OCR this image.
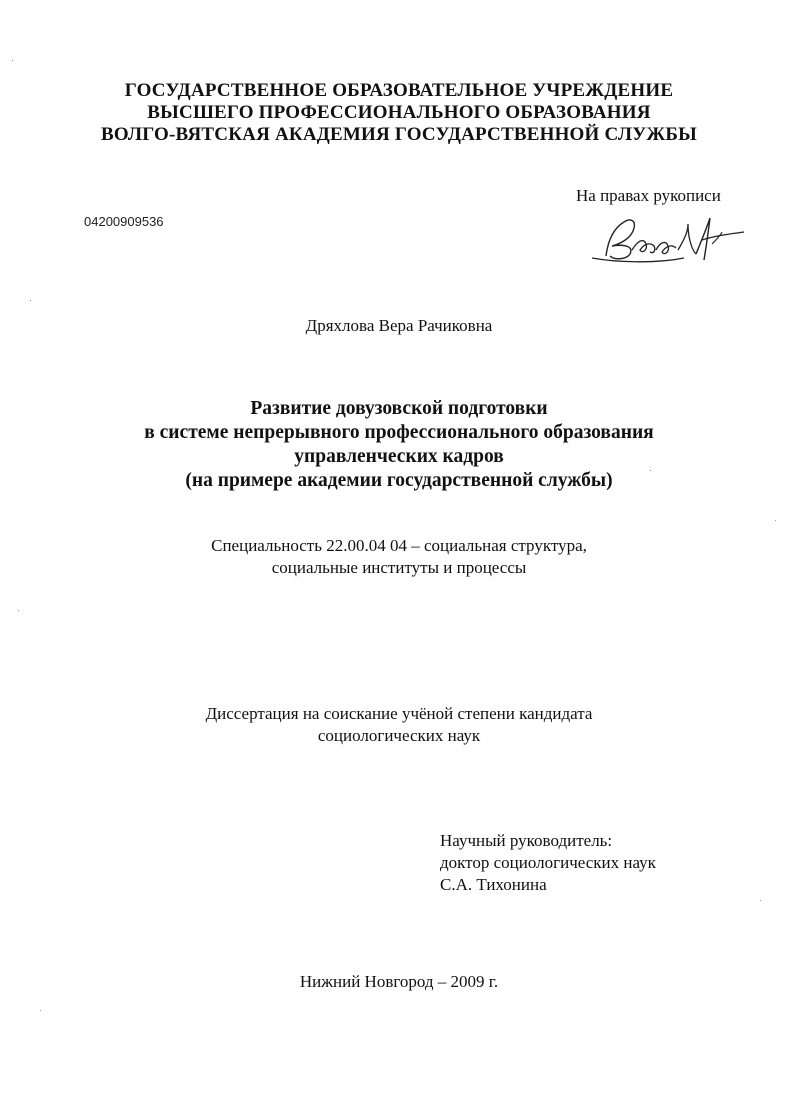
ГОСУДАРСТВЕННОЕ ОБРАЗОВАТЕЛЬНОЕ УЧРЕЖДЕНИЕ
ВЫСШЕГО ПРОФЕССИОНАЛЬНОГО ОБРАЗОВАНИЯ
ВОЛГО-ВЯТСКАЯ АКАДЕМИЯ ГОСУДАРСТВЕННОЙ СЛУЖБЫ
04200909536
На правах рукописи
Дряхлова Вера Рачиковна
Развитие довузовской подготовки
в системе непрерывного профессионального образования
управленческих кадров
(на примере академии государственной службы)
Специальность 22.00.04 04 – социальная структура,
социальные институты и процессы
Диссертация на соискание учёной степени кандидата
социологических наук
Научный руководитель:
доктор социологических наук
С.А. Тихонина
Нижний Новгород – 2009 г.
